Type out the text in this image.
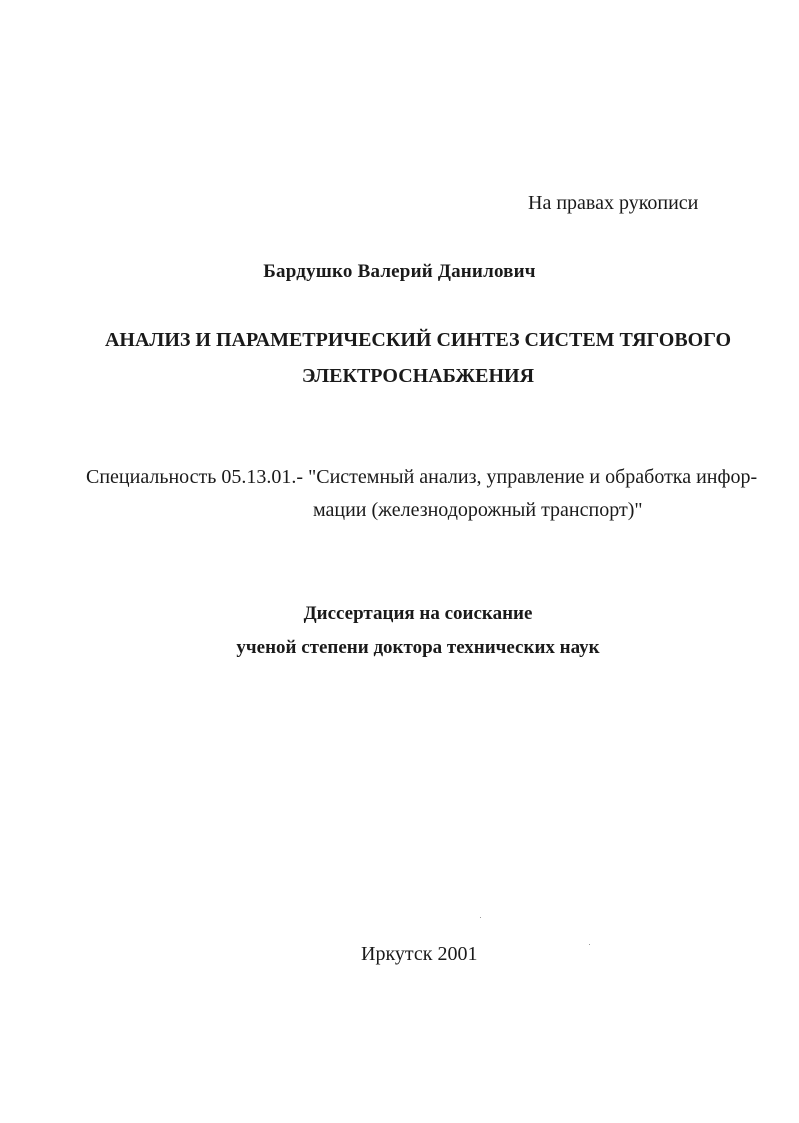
На правах рукописи
Бардушко Валерий Данилович
АНАЛИЗ И ПАРАМЕТРИЧЕСКИЙ СИНТЕЗ СИСТЕМ ТЯГОВОГО
ЭЛЕКТРОСНАБЖЕНИЯ
Специальность 05.13.01.- "Системный анализ, управление и обработка инфор-
мации (железнодорожный транспорт)"
Диссертация на соискание
ученой степени доктора технических наук
Иркутск 2001
